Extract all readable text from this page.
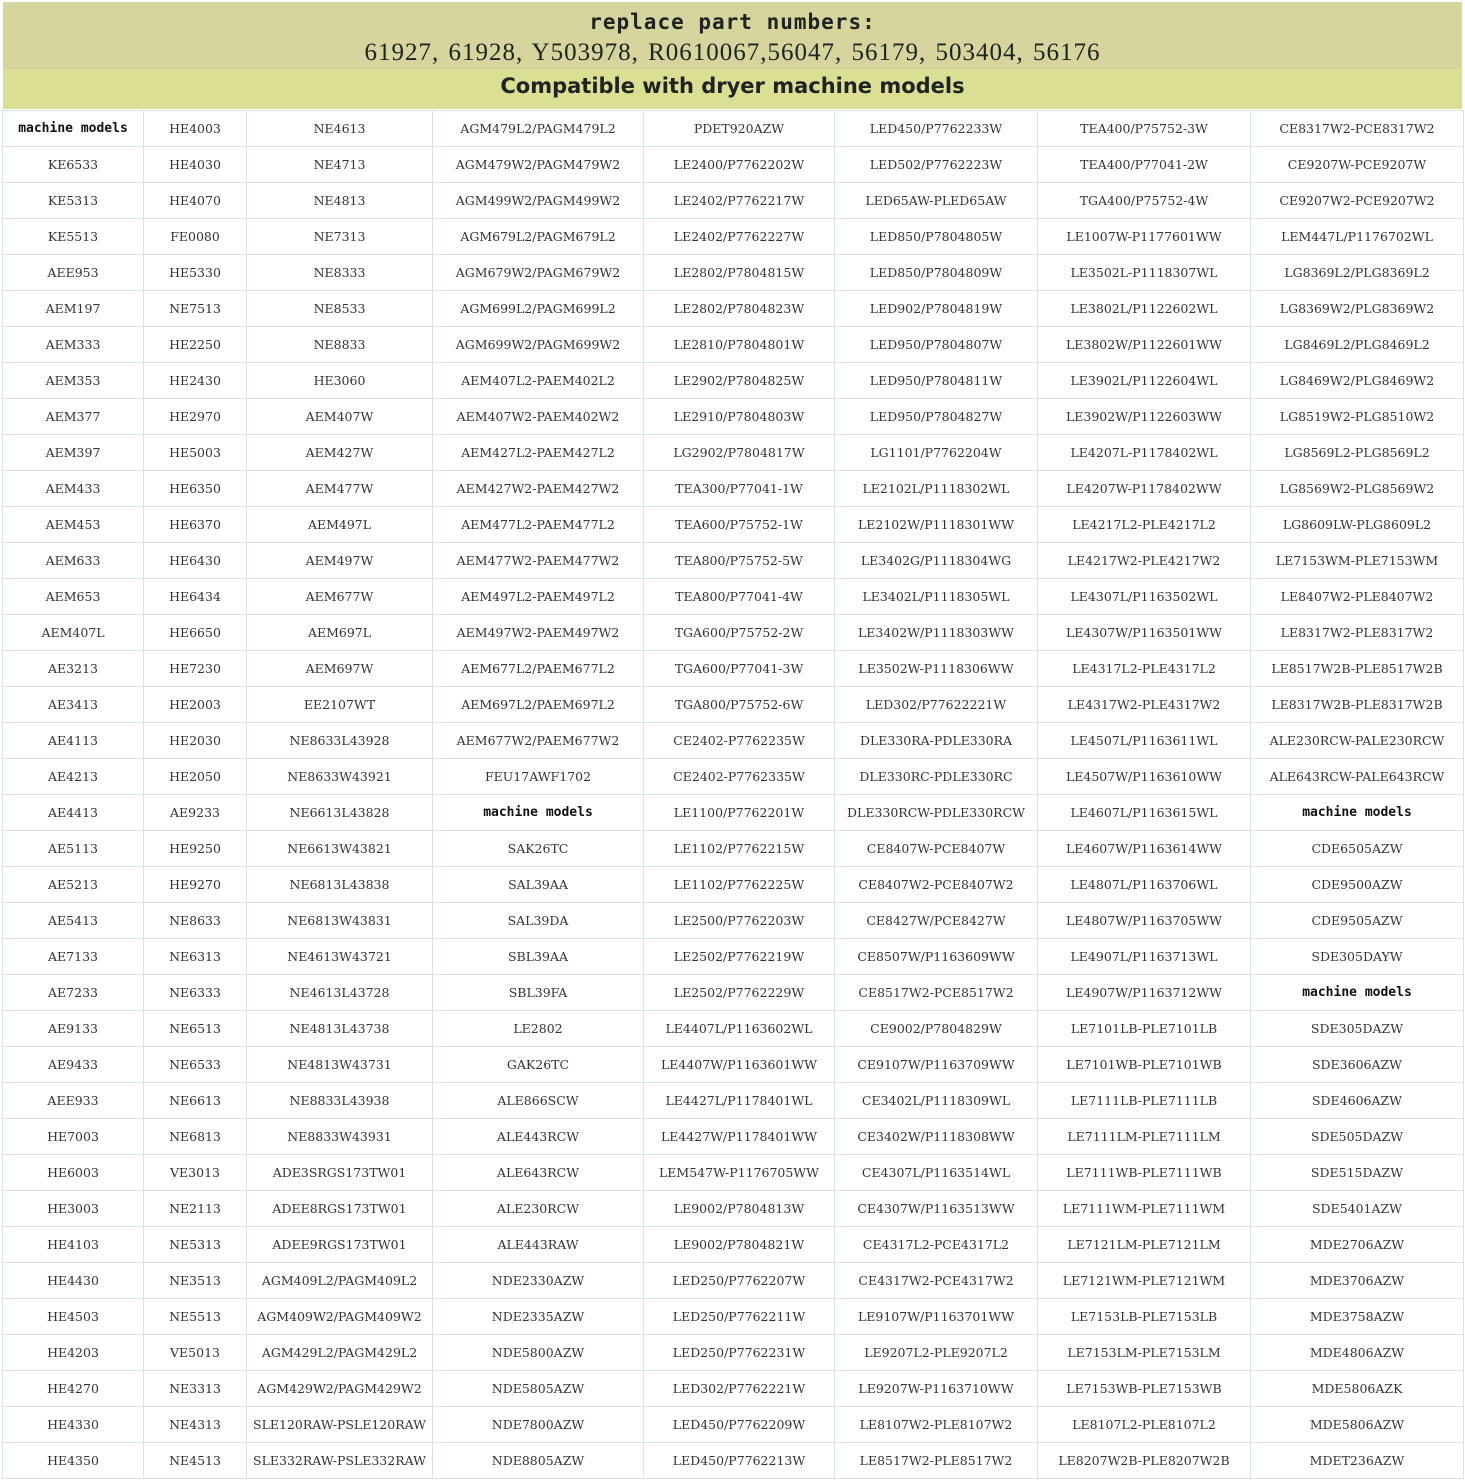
replace part numbers:
61927, 61928, Y503978, R0610067,56047, 56179, 503404, 56176
Compatible with dryer machine models
machine models	HE4003	NE4613	AGM479L2/PAGM479L2	PDET920AZW	LED450/P7762233W	TEA400/P75752-3W	CE8317W2-PCE8317W2
KE6533	HE4030	NE4713	AGM479W2/PAGM479W2	LE2400/P7762202W	LED502/P7762223W	TEA400/P77041-2W	CE9207W-PCE9207W
KE5313	HE4070	NE4813	AGM499W2/PAGM499W2	LE2402/P7762217W	LED65AW-PLED65AW	TGA400/P75752-4W	CE9207W2-PCE9207W2
KE5513	FE0080	NE7313	AGM679L2/PAGM679L2	LE2402/P7762227W	LED850/P7804805W	LE1007W-P1177601WW	LEM447L/P1176702WL
AEE953	HE5330	NE8333	AGM679W2/PAGM679W2	LE2802/P7804815W	LED850/P7804809W	LE3502L-P1118307WL	LG8369L2/PLG8369L2
AEM197	NE7513	NE8533	AGM699L2/PAGM699L2	LE2802/P7804823W	LED902/P7804819W	LE3802L/P1122602WL	LG8369W2/PLG8369W2
AEM333	HE2250	NE8833	AGM699W2/PAGM699W2	LE2810/P7804801W	LED950/P7804807W	LE3802W/P1122601WW	LG8469L2/PLG8469L2
AEM353	HE2430	HE3060	AEM407L2-PAEM402L2	LE2902/P7804825W	LED950/P7804811W	LE3902L/P1122604WL	LG8469W2/PLG8469W2
AEM377	HE2970	AEM407W	AEM407W2-PAEM402W2	LE2910/P7804803W	LED950/P7804827W	LE3902W/P1122603WW	LG8519W2-PLG8510W2
AEM397	HE5003	AEM427W	AEM427L2-PAEM427L2	LG2902/P7804817W	LG1101/P7762204W	LE4207L-P1178402WL	LG8569L2-PLG8569L2
AEM433	HE6350	AEM477W	AEM427W2-PAEM427W2	TEA300/P77041-1W	LE2102L/P1118302WL	LE4207W-P1178402WW	LG8569W2-PLG8569W2
AEM453	HE6370	AEM497L	AEM477L2-PAEM477L2	TEA600/P75752-1W	LE2102W/P1118301WW	LE4217L2-PLE4217L2	LG8609LW-PLG8609L2
AEM633	HE6430	AEM497W	AEM477W2-PAEM477W2	TEA800/P75752-5W	LE3402G/P1118304WG	LE4217W2-PLE4217W2	LE7153WM-PLE7153WM
AEM653	HE6434	AEM677W	AEM497L2-PAEM497L2	TEA800/P77041-4W	LE3402L/P1118305WL	LE4307L/P1163502WL	LE8407W2-PLE8407W2
AEM407L	HE6650	AEM697L	AEM497W2-PAEM497W2	TGA600/P75752-2W	LE3402W/P1118303WW	LE4307W/P1163501WW	LE8317W2-PLE8317W2
AE3213	HE7230	AEM697W	AEM677L2/PAEM677L2	TGA600/P77041-3W	LE3502W-P1118306WW	LE4317L2-PLE4317L2	LE8517W2B-PLE8517W2B
AE3413	HE2003	EE2107WT	AEM697L2/PAEM697L2	TGA800/P75752-6W	LED302/P77622221W	LE4317W2-PLE4317W2	LE8317W2B-PLE8317W2B
AE4113	HE2030	NE8633L43928	AEM677W2/PAEM677W2	CE2402-P7762235W	DLE330RA-PDLE330RA	LE4507L/P1163611WL	ALE230RCW-PALE230RCW
AE4213	HE2050	NE8633W43921	FEU17AWF1702	CE2402-P7762335W	DLE330RC-PDLE330RC	LE4507W/P1163610WW	ALE643RCW-PALE643RCW
AE4413	AE9233	NE6613L43828	machine models	LE1100/P7762201W	DLE330RCW-PDLE330RCW	LE4607L/P1163615WL	machine models
AE5113	HE9250	NE6613W43821	SAK26TC	LE1102/P7762215W	CE8407W-PCE8407W	LE4607W/P1163614WW	CDE6505AZW
AE5213	HE9270	NE6813L43838	SAL39AA	LE1102/P7762225W	CE8407W2-PCE8407W2	LE4807L/P1163706WL	CDE9500AZW
AE5413	NE8633	NE6813W43831	SAL39DA	LE2500/P7762203W	CE8427W/PCE8427W	LE4807W/P1163705WW	CDE9505AZW
AE7133	NE6313	NE4613W43721	SBL39AA	LE2502/P7762219W	CE8507W/P1163609WW	LE4907L/P1163713WL	SDE305DAYW
AE7233	NE6333	NE4613L43728	SBL39FA	LE2502/P7762229W	CE8517W2-PCE8517W2	LE4907W/P1163712WW	machine models
AE9133	NE6513	NE4813L43738	LE2802	LE4407L/P1163602WL	CE9002/P7804829W	LE7101LB-PLE7101LB	SDE305DAZW
AE9433	NE6533	NE4813W43731	GAK26TC	LE4407W/P1163601WW	CE9107W/P1163709WW	LE7101WB-PLE7101WB	SDE3606AZW
AEE933	NE6613	NE8833L43938	ALE866SCW	LE4427L/P1178401WL	CE3402L/P1118309WL	LE7111LB-PLE7111LB	SDE4606AZW
HE7003	NE6813	NE8833W43931	ALE443RCW	LE4427W/P1178401WW	CE3402W/P1118308WW	LE7111LM-PLE7111LM	SDE505DAZW
HE6003	VE3013	ADE3SRGS173TW01	ALE643RCW	LEM547W-P1176705WW	CE4307L/P1163514WL	LE7111WB-PLE7111WB	SDE515DAZW
HE3003	NE2113	ADEE8RGS173TW01	ALE230RCW	LE9002/P7804813W	CE4307W/P1163513WW	LE7111WM-PLE7111WM	SDE5401AZW
HE4103	NE5313	ADEE9RGS173TW01	ALE443RAW	LE9002/P7804821W	CE4317L2-PCE4317L2	LE7121LM-PLE7121LM	MDE2706AZW
HE4430	NE3513	AGM409L2/PAGM409L2	NDE2330AZW	LED250/P7762207W	CE4317W2-PCE4317W2	LE7121WM-PLE7121WM	MDE3706AZW
HE4503	NE5513	AGM409W2/PAGM409W2	NDE2335AZW	LED250/P7762211W	LE9107W/P1163701WW	LE7153LB-PLE7153LB	MDE3758AZW
HE4203	VE5013	AGM429L2/PAGM429L2	NDE5800AZW	LED250/P7762231W	LE9207L2-PLE9207L2	LE7153LM-PLE7153LM	MDE4806AZW
HE4270	NE3313	AGM429W2/PAGM429W2	NDE5805AZW	LED302/P7762221W	LE9207W-P1163710WW	LE7153WB-PLE7153WB	MDE5806AZK
HE4330	NE4313	SLE120RAW-PSLE120RAW	NDE7800AZW	LED450/P7762209W	LE8107W2-PLE8107W2	LE8107L2-PLE8107L2	MDE5806AZW
HE4350	NE4513	SLE332RAW-PSLE332RAW	NDE8805AZW	LED450/P7762213W	LE8517W2-PLE8517W2	LE8207W2B-PLE8207W2B	MDET236AZW
